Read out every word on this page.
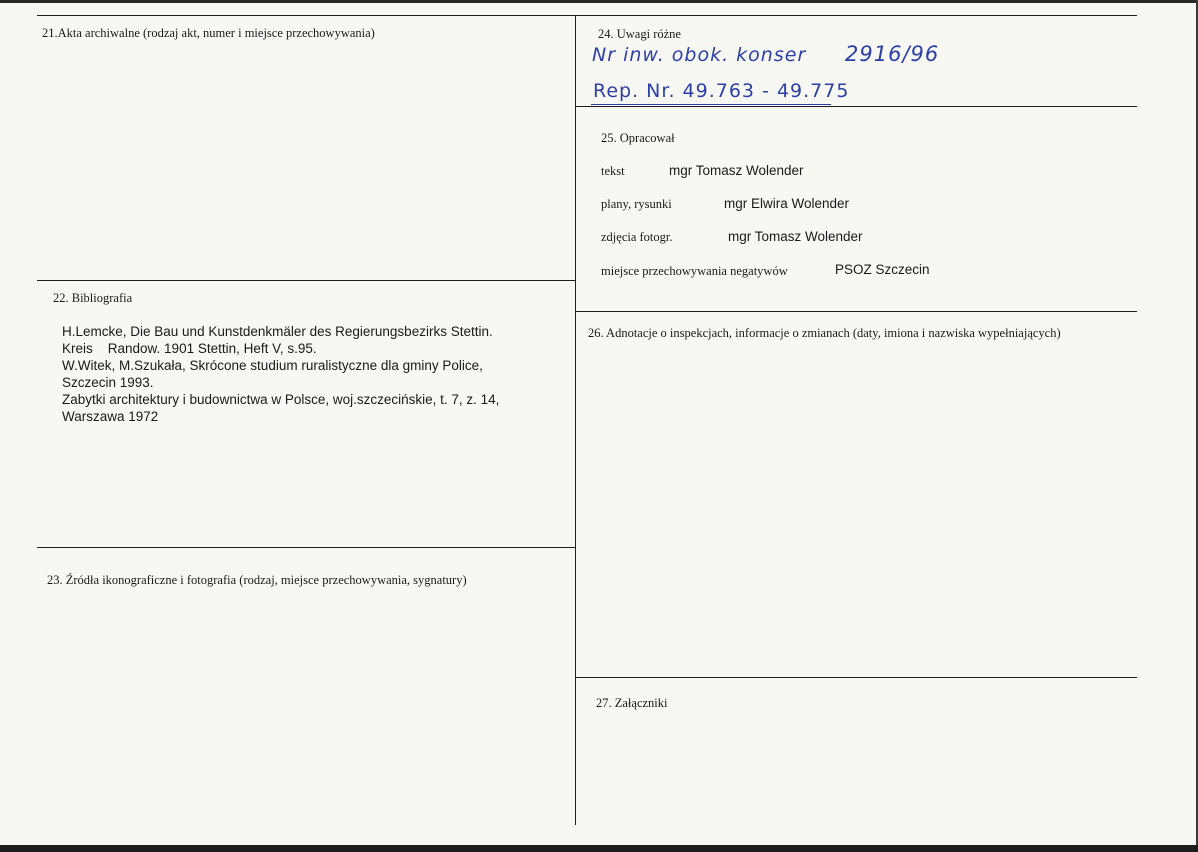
21.Akta archiwalne (rodzaj akt, numer i miejsce przechowywania)
22. Bibliografia
H.Lemcke, Die Bau und Kunstdenkmäler des Regierungsbezirks Stettin.
Kreis    Randow. 1901 Stettin, Heft V, s.95.
W.Witek, M.Szukała, Skrócone studium ruralistyczne dla gminy Police,
Szczecin 1993.
Zabytki architektury i budownictwa w Polsce, woj.szczecińskie, t. 7, z. 14,
Warszawa 1972
23. Źródła ikonograficzne i fotografia (rodzaj, miejsce przechowywania, sygnatury)
24. Uwagi różne
Nr inw. obok. konser 2916/96
Rep. Nr. 49.763 - 49.775
25. Opracował
tekst	mgr Tomasz Wolender
plany, rysunki	mgr Elwira Wolender
zdjęcia fotogr.	mgr Tomasz Wolender
miejsce przechowywania negatywów	PSOZ Szczecin
26. Adnotacje o inspekcjach, informacje o zmianach (daty, imiona i nazwiska wypełniających)
27. Załączniki
